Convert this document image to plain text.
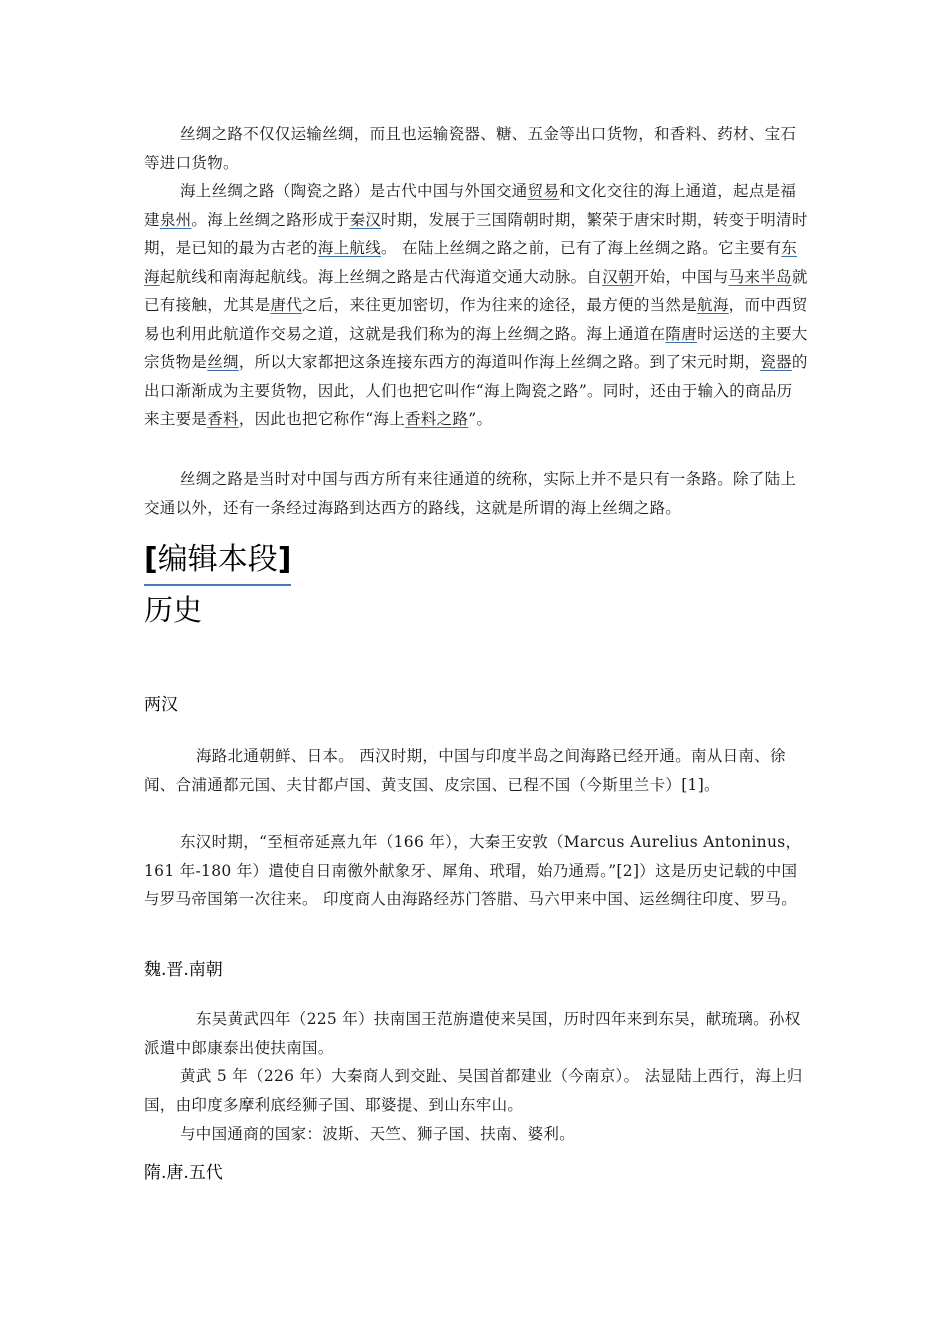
丝绸之路不仅仅运输丝绸，而且也运输瓷器、糖、五金等出口货物，和香料、药材、宝石等进口货物。

海上丝绸之路（陶瓷之路）是古代中国与外国交通贸易和文化交往的海上通道，起点是福建泉州。海上丝绸之路形成于秦汉时期，发展于三国隋朝时期，繁荣于唐宋时期，转变于明清时期，是已知的最为古老的海上航线。 在陆上丝绸之路之前，已有了海上丝绸之路。它主要有东海起航线和南海起航线。海上丝绸之路是古代海道交通大动脉。自汉朝开始，中国与马来半岛就已有接触，尤其是唐代之后，来往更加密切，作为往来的途径，最方便的当然是航海，而中西贸易也利用此航道作交易之道，这就是我们称为的海上丝绸之路。海上通道在隋唐时运送的主要大宗货物是丝绸，所以大家都把这条连接东西方的海道叫作海上丝绸之路。到了宋元时期，瓷器的出口渐渐成为主要货物，因此，人们也把它叫作“海上陶瓷之路”。同时，还由于输入的商品历来主要是香料，因此也把它称作“海上香料之路”。

丝绸之路是当时对中国与西方所有来往通道的统称，实际上并不是只有一条路。除了陆上交通以外，还有一条经过海路到达西方的路线，这就是所谓的海上丝绸之路。

[编辑本段]
历史
两汉

海路北通朝鲜、日本。 西汉时期，中国与印度半岛之间海路已经开通。南从日南、徐闻、合浦通都元国、夫甘都卢国、黄支国、皮宗国、已程不国（今斯里兰卡）[1]。

东汉时期，“至桓帝延熹九年（166 年），大秦王安敦（Marcus Aurelius Antoninus，161 年-180 年）遣使自日南徼外献象牙、犀角、玳瑁，始乃通焉。”[2]）这是历史记载的中国与罗马帝国第一次往来。 印度商人由海路经苏门答腊、马六甲来中国、运丝绸往印度、罗马。

魏.晋.南朝

东吴黄武四年（225 年）扶南国王范旃遣使来吴国，历时四年来到东吴，献琉璃。孙权派遣中郎康泰出使扶南国。

黄武 5 年（226 年）大秦商人到交趾、吴国首都建业（今南京）。 法显陆上西行，海上归国，由印度多摩利底经狮子国、耶婆提、到山东牢山。

与中国通商的国家：波斯、天竺、狮子国、扶南、婆利。

隋.唐.五代
